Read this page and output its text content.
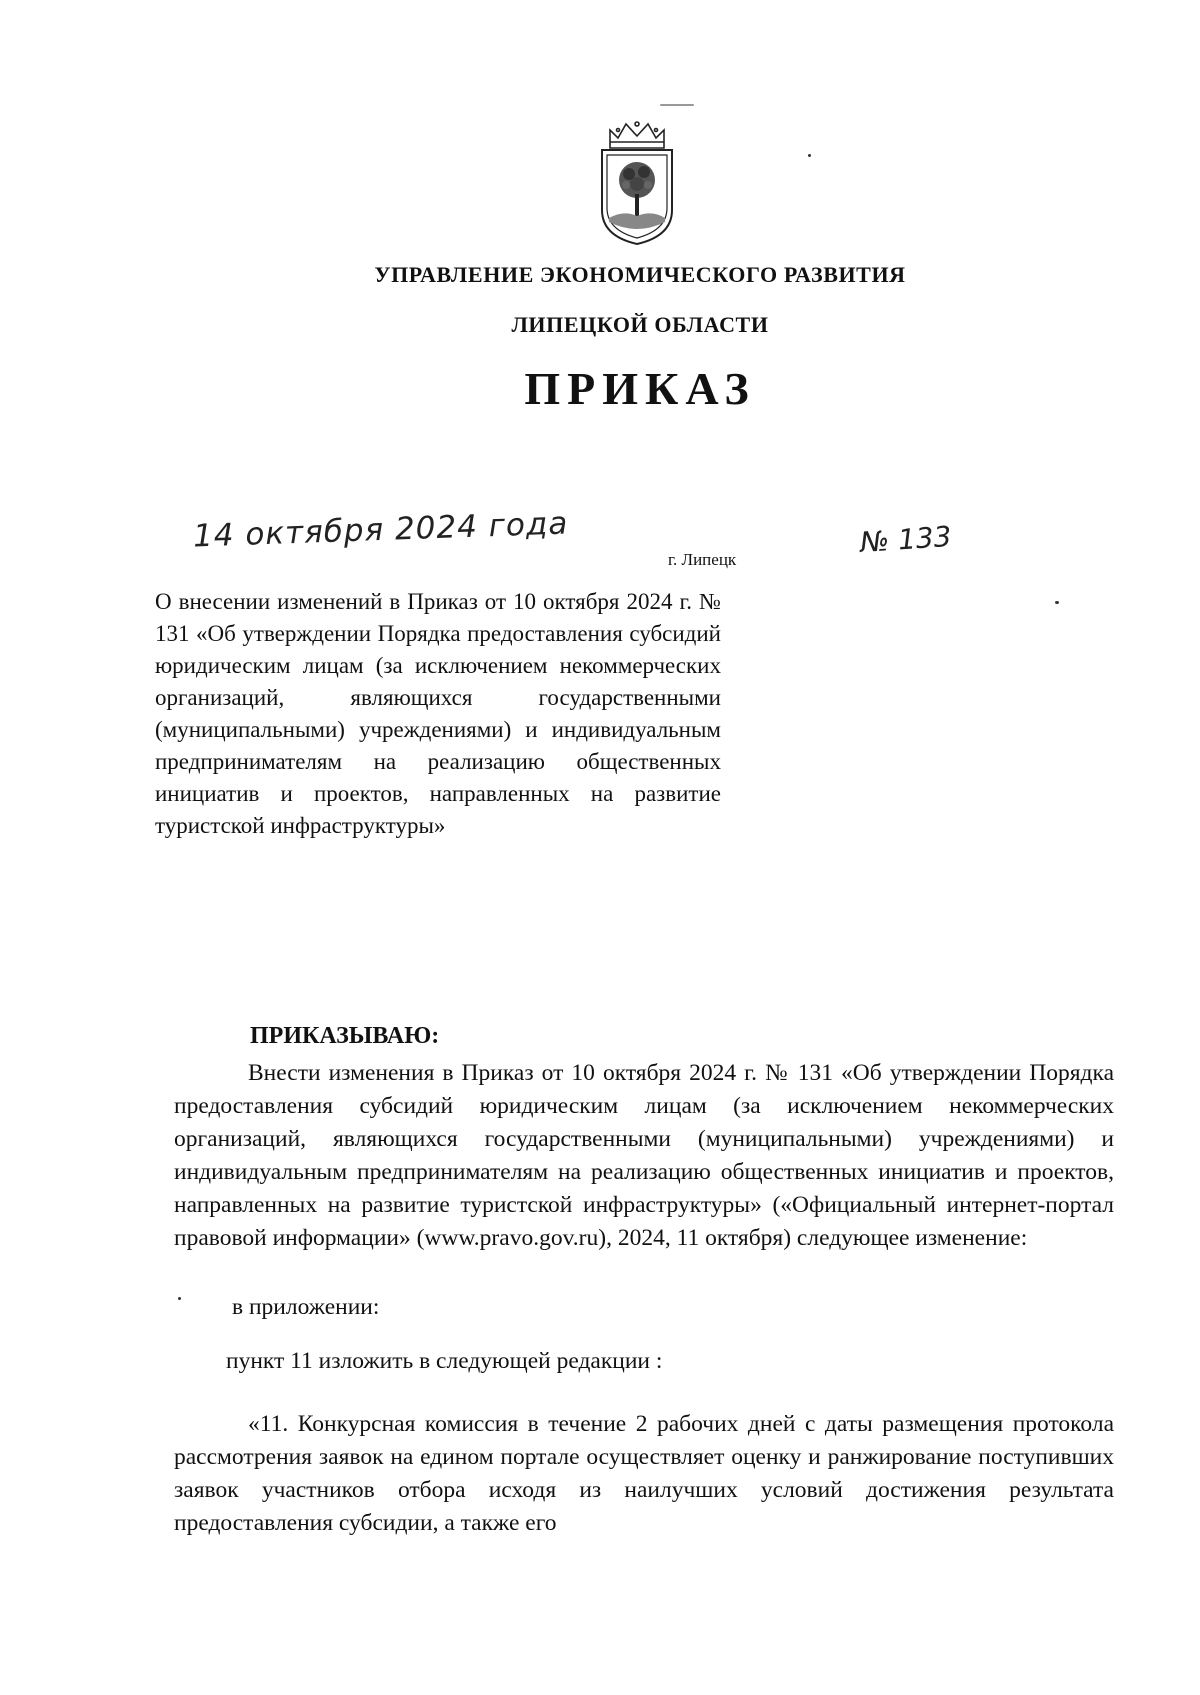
УПРАВЛЕНИЕ ЭКОНОМИЧЕСКОГО РАЗВИТИЯ
ЛИПЕЦКОЙ ОБЛАСТИ
ПРИКАЗ
14 октября 2024 года
г. Липецк
№ 133
О внесении изменений в Приказ от 10 октября 2024 г. № 131 «Об утверждении Порядка предоставления субсидий юридическим лицам (за исключением некоммерческих организаций, являющихся государственными (муниципальными) учреждениями) и индивидуальным предпринимателям на реализацию общественных инициатив и проектов, направленных на развитие туристской инфраструктуры»
ПРИКАЗЫВАЮ:
Внести изменения в Приказ от 10 октября 2024 г. № 131 «Об утверждении Порядка предоставления субсидий юридическим лицам (за исключением некоммерческих организаций, являющихся государственными (муниципальными) учреждениями) и индивидуальным предпринимателям на реализацию общественных инициатив и проектов, направленных на развитие туристской инфраструктуры» («Официальный интернет-портал правовой информации» (www.pravo.gov.ru), 2024, 11 октября) следующее изменение:
в приложении:
пункт 11 изложить в следующей редакции :
«11. Конкурсная комиссия в течение 2 рабочих дней с даты размещения протокола рассмотрения заявок на едином портале осуществляет оценку и ранжирование поступивших заявок участников отбора исходя из наилучших условий достижения результата предоставления субсидии, а также его
